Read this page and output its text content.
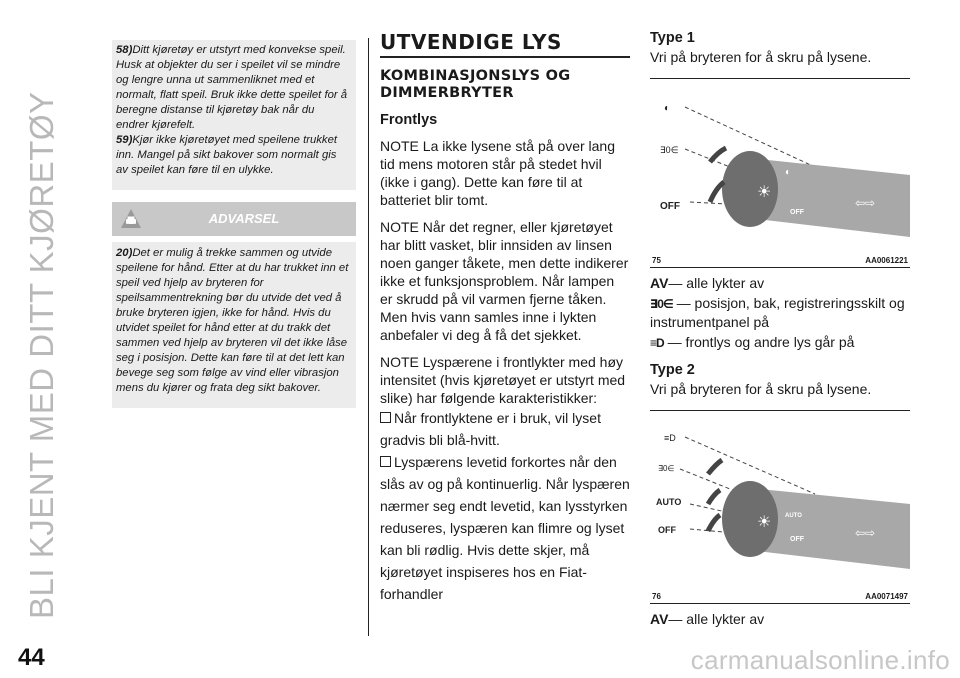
BLI KJENT MED DITT KJØRETØY
44	carmanualsonline.info
58)Ditt kjøretøy er utstyrt med konvekse speil. Husk at objekter du ser i speilet vil se mindre og lengre unna ut sammenliknet med et normalt, flatt speil. Bruk ikke dette speilet for å beregne distanse til kjøretøy bak når du endrer kjørefelt.
59)Kjør ikke kjøretøyet med speilene trukket inn. Mangel på sikt bakover som normalt gis av speilet kan føre til en ulykke.
ADVARSEL
20)Det er mulig å trekke sammen og utvide speilene for hånd. Etter at du har trukket inn et speil ved hjelp av bryteren for speilsammentrekning bør du utvide det ved å bruke bryteren igjen, ikke for hånd. Hvis du utvidet speilet for hånd etter at du trakk det sammen ved hjelp av bryteren vil det ikke låse seg i posisjon. Dette kan føre til at det lett kan bevege seg som følge av vind eller vibrasjon mens du kjører og frata deg sikt bakover.
UTVENDIGE LYS
KOMBINASJONSLYS OG DIMMERBRYTER
Frontlys
NOTE La ikke lysene stå på over lang tid mens motoren står på stedet hvil (ikke i gang). Dette kan føre til at batteriet blir tomt.
NOTE Når det regner, eller kjøretøyet har blitt vasket, blir innsiden av linsen noen ganger tåkete, men dette indikerer ikke et funksjonsproblem. Når lampen er skrudd på vil varmen fjerne tåken. Men hvis vann samles inne i lykten anbefaler vi deg å få det sjekket.
NOTE Lyspærene i frontlykter med høy intensitet (hvis kjøretøyet er utstyrt med slike) har følgende karakteristikker:
Når frontlyktene er i bruk, vil lyset gradvis bli blå-hvitt.
Lyspærens levetid forkortes når den slås av og på kontinuerlig. Når lyspæren nærmer seg endt levetid, kan lysstyrken reduseres, lyspæren kan flimre og lyset kan bli rødlig. Hvis dette skjer, må kjøretøyet inspiseres hos en Fiat-forhandler
Type 1
Vri på bryteren for å skru på lysene.
☀
◐
OFF
⇦⇨
◐
∃0∈
OFF
75	AA0061221
AV— alle lykter av
∃0∈ — posisjon, bak, registreringsskilt og instrumentpanel på
≡D — frontlys og andre lys går på
Type 2
Vri på bryteren for å skru på lysene.
☀ AUTO
OFF	⇦⇨
≡D
∃0∈
AUTO
OFF
76	AA0071497
AV— alle lykter av
